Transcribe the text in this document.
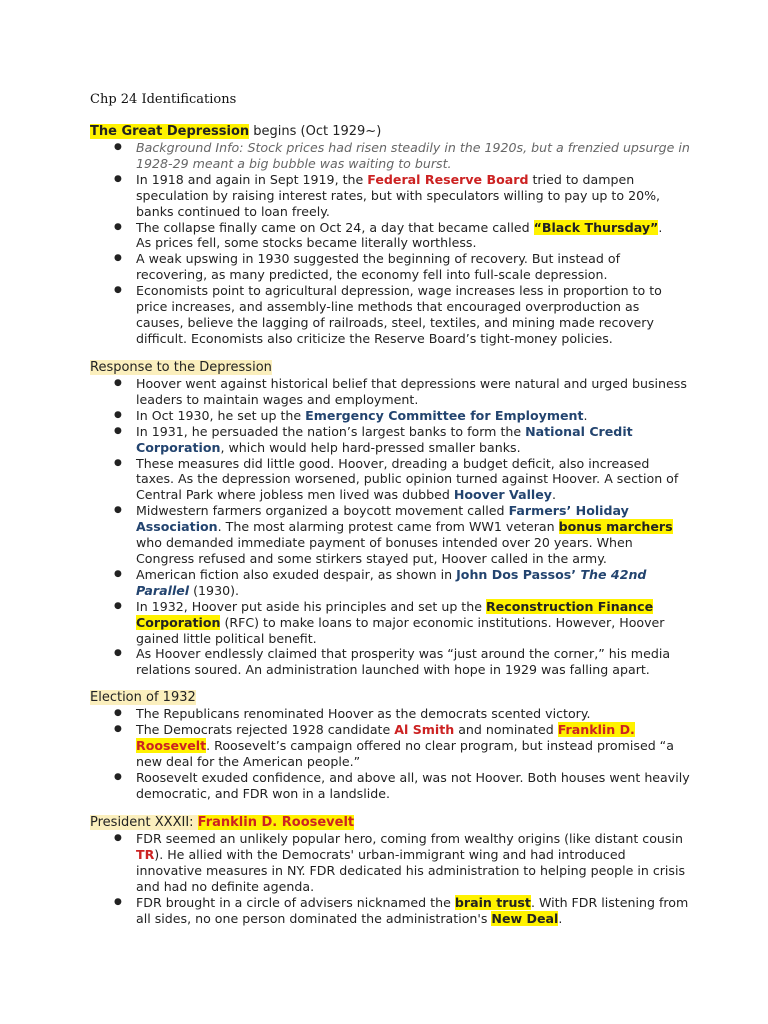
Chp 24 Identifications
The Great Depression begins (Oct 1929~)
● Background Info: Stock prices had risen steadily in the 1920s, but a frenzied upsurge in 1928-29 meant a big bubble was waiting to burst.
● In 1918 and again in Sept 1919, the Federal Reserve Board tried to dampen speculation by raising interest rates, but with speculators willing to pay up to 20%, banks continued to loan freely.
● The collapse finally came on Oct 24, a day that became called “Black Thursday”.
As prices fell, some stocks became literally worthless.
● A weak upswing in 1930 suggested the beginning of recovery. But instead of recovering, as many predicted, the economy fell into full-scale depression.
● Economists point to agricultural depression, wage increases less in proportion to to price increases, and assembly-line methods that encouraged overproduction as causes, believe the lagging of railroads, steel, textiles, and mining made recovery difficult. Economists also criticize the Reserve Board’s tight-money policies.
Response to the Depression
● Hoover went against historical belief that depressions were natural and urged business leaders to maintain wages and employment.
● In Oct 1930, he set up the Emergency Committee for Employment.
● In 1931, he persuaded the nation’s largest banks to form the National Credit Corporation, which would help hard-pressed smaller banks.
● These measures did little good. Hoover, dreading a budget deficit, also increased taxes. As the depression worsened, public opinion turned against Hoover. A section of Central Park where jobless men lived was dubbed Hoover Valley.
● Midwestern farmers organized a boycott movement called Farmers’ Holiday Association. The most alarming protest came from WW1 veteran bonus marchers who demanded immediate payment of bonuses intended over 20 years. When Congress refused and some stirkers stayed put, Hoover called in the army.
● American fiction also exuded despair, as shown in John Dos Passos’ The 42nd Parallel (1930).
● In 1932, Hoover put aside his principles and set up the Reconstruction Finance Corporation (RFC) to make loans to major economic institutions. However, Hoover gained little political benefit.
● As Hoover endlessly claimed that prosperity was “just around the corner,” his media relations soured. An administration launched with hope in 1929 was falling apart.
Election of 1932
● The Republicans renominated Hoover as the democrats scented victory.
● The Democrats rejected 1928 candidate Al Smith and nominated Franklin D. Roosevelt. Roosevelt’s campaign offered no clear program, but instead promised “a new deal for the American people.”
● Roosevelt exuded confidence, and above all, was not Hoover. Both houses went heavily democratic, and FDR won in a landslide.
President XXXII: Franklin D. Roosevelt
● FDR seemed an unlikely popular hero, coming from wealthy origins (like distant cousin TR). He allied with the Democrats' urban-immigrant wing and had introduced innovative measures in NY. FDR dedicated his administration to helping people in crisis and had no definite agenda.
● FDR brought in a circle of advisers nicknamed the brain trust. With FDR listening from all sides, no one person dominated the administration's New Deal.
